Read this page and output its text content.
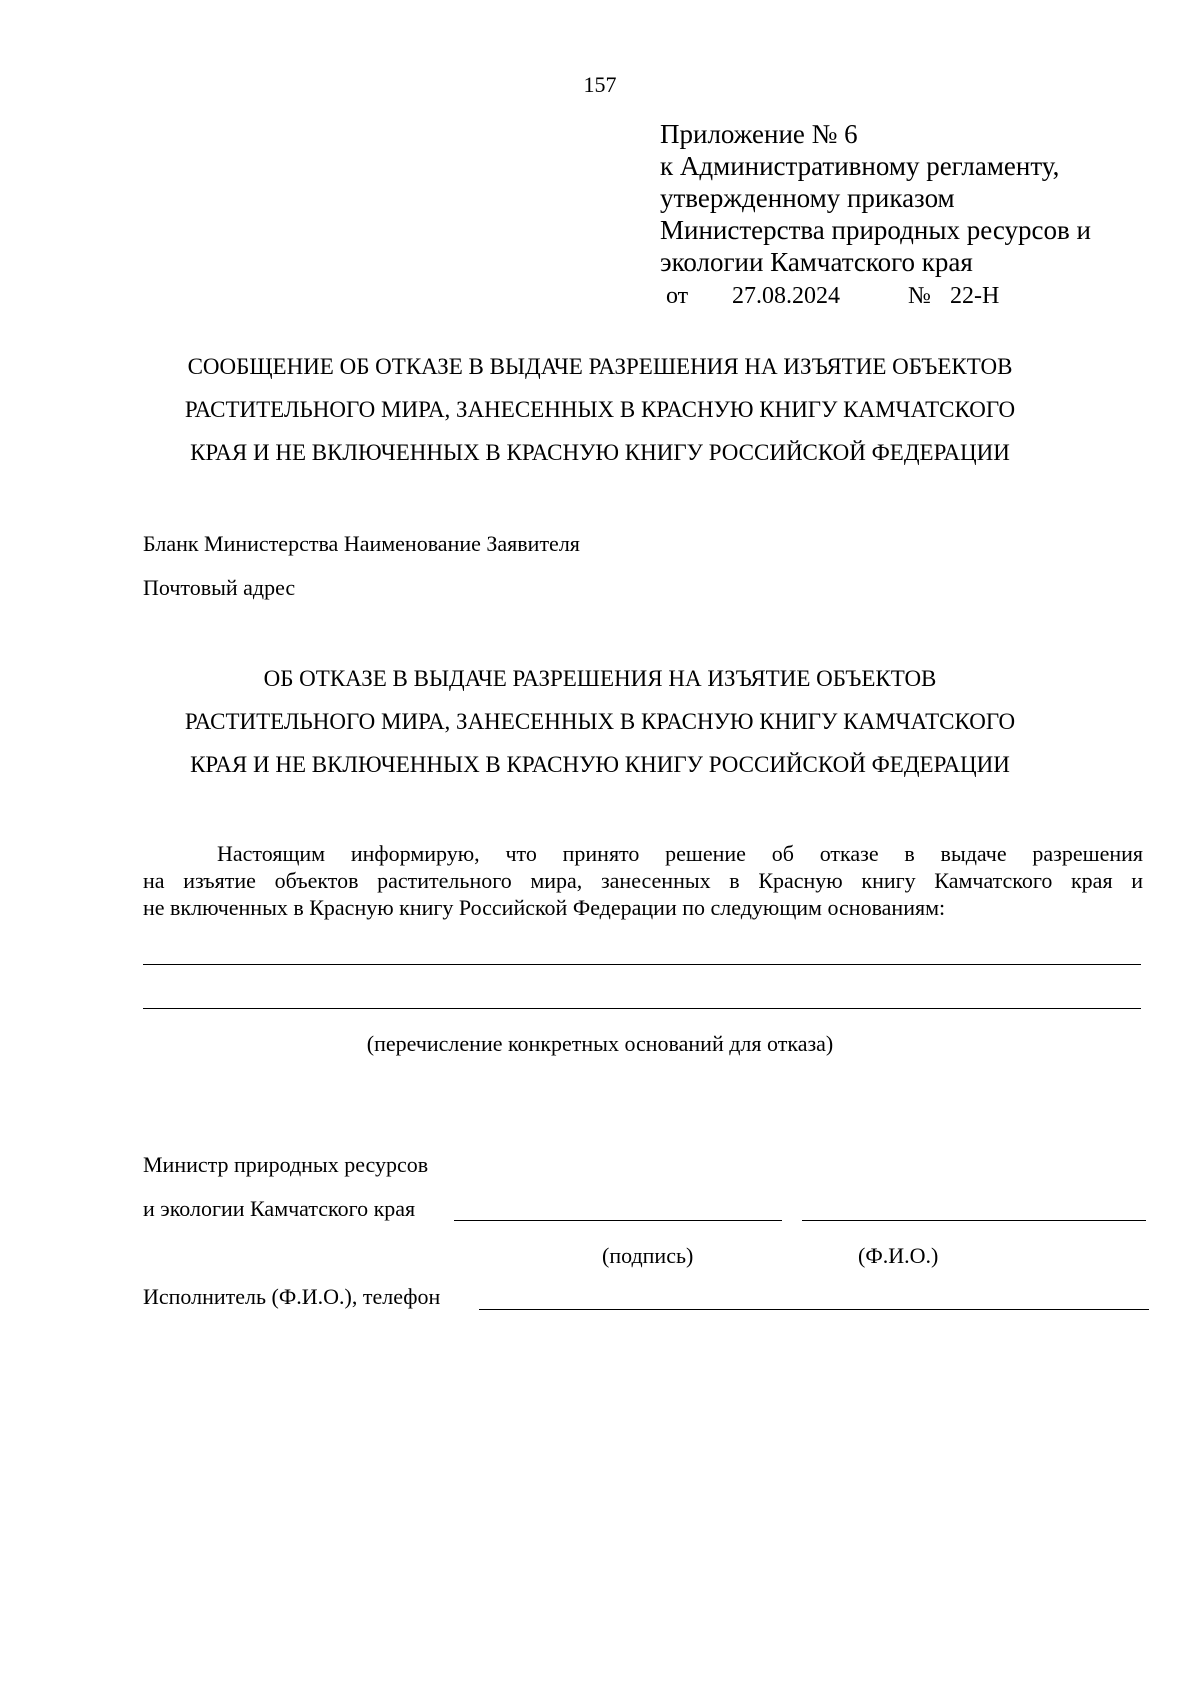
157
Приложение № 6
к Административному регламенту,
утвержденному приказом
Министерства природных ресурсов и
экологии Камчатского края
от 27.08.2024	№ 22-Н
СООБЩЕНИЕ ОБ ОТКАЗЕ В ВЫДАЧЕ РАЗРЕШЕНИЯ НА ИЗЪЯТИЕ ОБЪЕКТОВ
РАСТИТЕЛЬНОГО МИРА, ЗАНЕСЕННЫХ В КРАСНУЮ КНИГУ КАМЧАТСКОГО
КРАЯ И НЕ ВКЛЮЧЕННЫХ В КРАСНУЮ КНИГУ РОССИЙСКОЙ ФЕДЕРАЦИИ
Бланк Министерства Наименование Заявителя
Почтовый адрес
ОБ ОТКАЗЕ В ВЫДАЧЕ РАЗРЕШЕНИЯ НА ИЗЪЯТИЕ ОБЪЕКТОВ
РАСТИТЕЛЬНОГО МИРА, ЗАНЕСЕННЫХ В КРАСНУЮ КНИГУ КАМЧАТСКОГО
КРАЯ И НЕ ВКЛЮЧЕННЫХ В КРАСНУЮ КНИГУ РОССИЙСКОЙ ФЕДЕРАЦИИ
Настоящим информирую, что принято решение об отказе в выдаче разрешения
на изъятие объектов растительного мира, занесенных в Красную книгу Камчатского края и
не включенных в Красную книгу Российской Федерации по следующим основаниям:
(перечисление конкретных оснований для отказа)
Министр природных ресурсов
и экологии Камчатского края
(подпись)	(Ф.И.О.)
Исполнитель (Ф.И.О.), телефон
